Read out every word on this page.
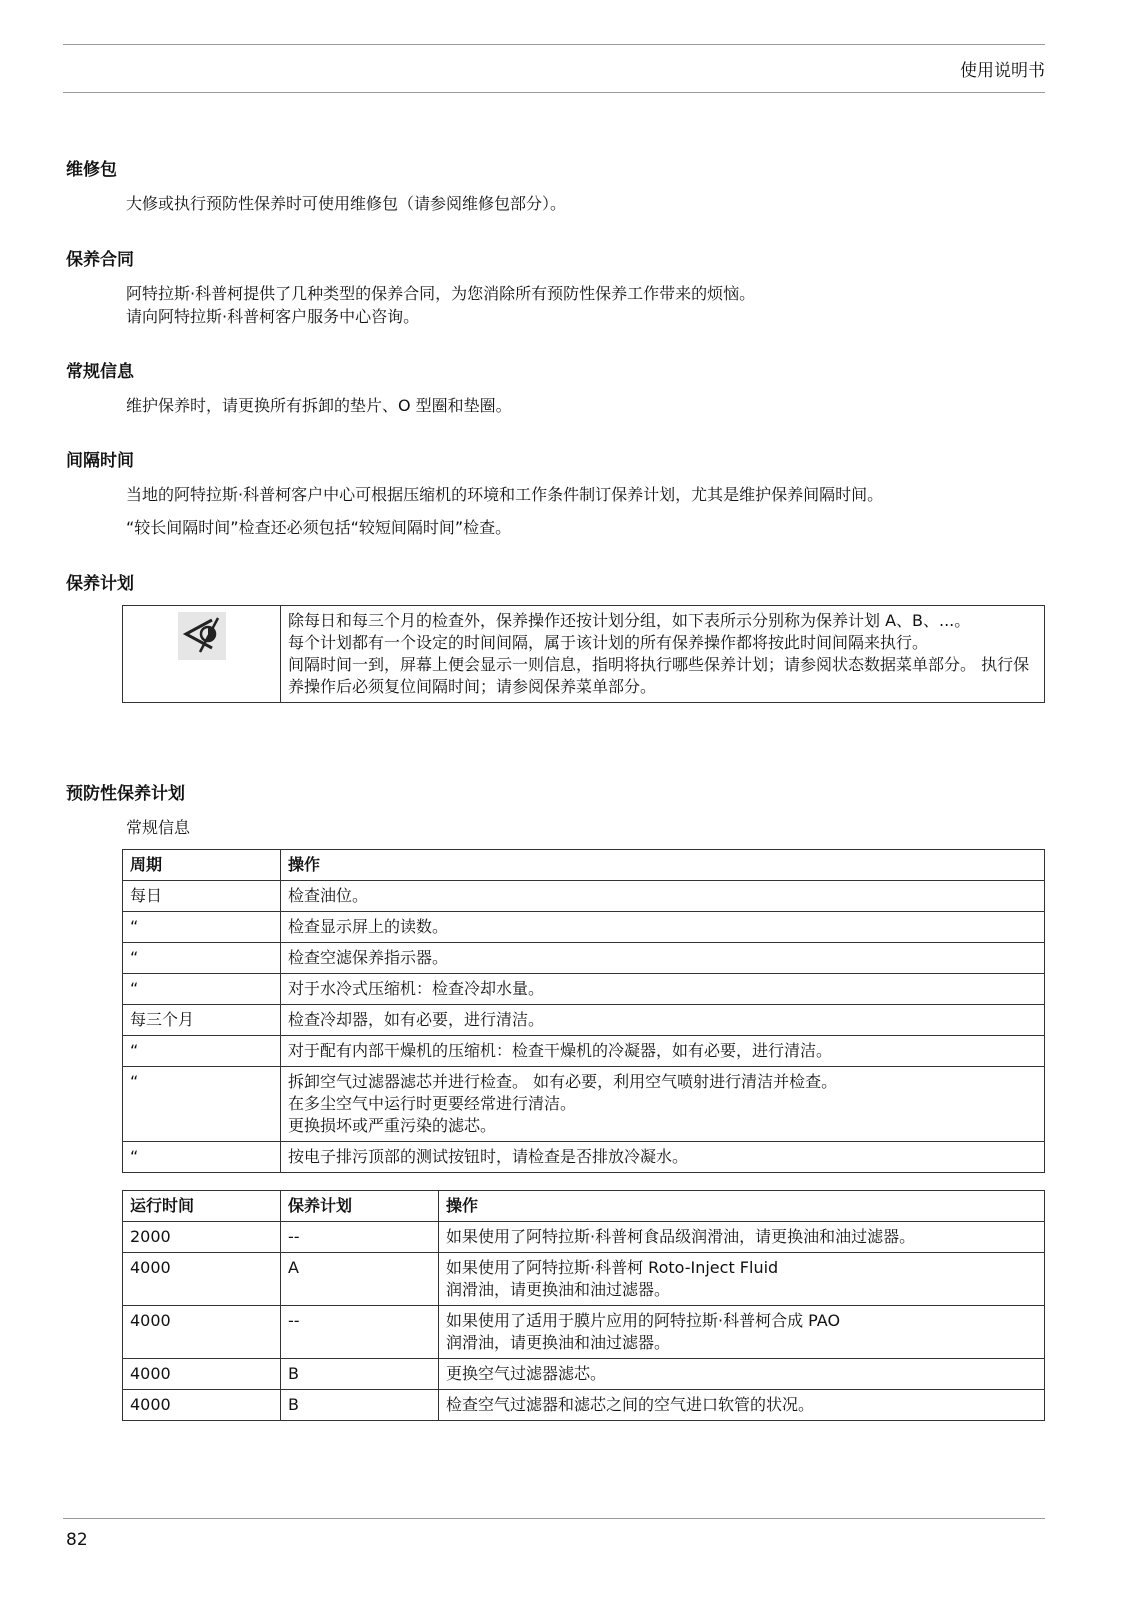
使用说明书
维修包
大修或执行预防性保养时可使用维修包（请参阅维修包部分）。
保养合同
阿特拉斯·科普柯提供了几种类型的保养合同，为您消除所有预防性保养工作带来的烦恼。
请向阿特拉斯·科普柯客户服务中心咨询。
常规信息
维护保养时，请更换所有拆卸的垫片、O 型圈和垫圈。
间隔时间
当地的阿特拉斯·科普柯客户中心可根据压缩机的环境和工作条件制订保养计划，尤其是维护保养间隔时间。
“较长间隔时间”检查还必须包括“较短间隔时间”检查。
保养计划

除每日和每三个月的检查外，保养操作还按计划分组，如下表所示分别称为保养计划 A、B、...。
每个计划都有一个设定的时间间隔，属于该计划的所有保养操作都将按此时间间隔来执行。
间隔时间一到，屏幕上便会显示一则信息，指明将执行哪些保养计划；请参阅状态数据菜单部分。 执行保养操作后必须复位间隔时间；请参阅保养菜单部分。
预防性保养计划
常规信息
周期	操作
每日	检查油位。
“	检查显示屏上的读数。
“	检查空滤保养指示器。
“	对于水冷式压缩机：检查冷却水量。
每三个月	检查冷却器，如有必要，进行清洁。
“	对于配有内部干燥机的压缩机：检查干燥机的冷凝器，如有必要，进行清洁。
“	拆卸空气过滤器滤芯并进行检查。 如有必要，利用空气喷射进行清洁并检查。
在多尘空气中运行时更要经常进行清洁。
更换损坏或严重污染的滤芯。

“	按电子排污顶部的测试按钮时，请检查是否排放冷凝水。
运行时间	保养计划	操作
2000	--	如果使用了阿特拉斯·科普柯食品级润滑油，请更换油和油过滤器。
4000	A	如果使用了阿特拉斯·科普柯 Roto-Inject Fluid
润滑油，请更换油和油过滤器。

4000	--	如果使用了适用于膜片应用的阿特拉斯·科普柯合成 PAO
润滑油，请更换油和油过滤器。

4000	B	更换空气过滤器滤芯。
4000	B	检查空气过滤器和滤芯之间的空气进口软管的状况。
82
